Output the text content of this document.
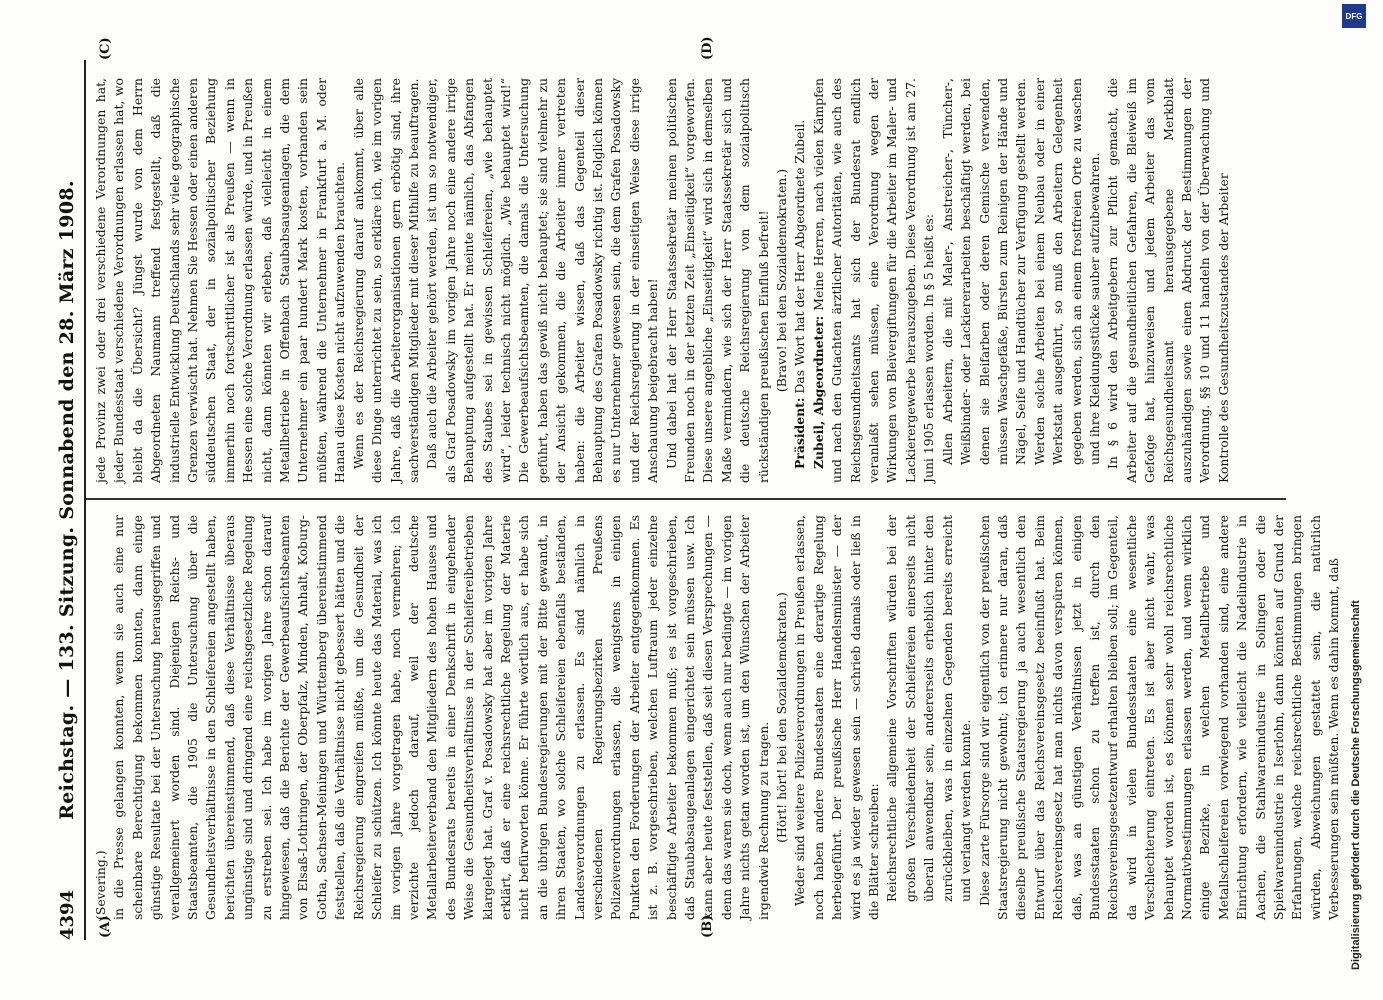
4394
Reichstag. — 133. Sitzung. Sonnabend den 28. März 1908.
(A)	(B)
(C)	(D)

(Severing.) in die Presse gelangen konnten, wenn sie auch eine nur scheinbare Berechtigung bekommen konnten, dann einige günstige Resultate bei der Untersuchung herausgegriffen und verallgemeinert worden sind. Diejenigen Reichs- und Staatsbeamten, die 1905 die Untersuchung über die Gesundheitsverhältnisse in den Schleifereien angestellt haben, berichten übereinstimmend, daß diese Verhältnisse überaus ungünstige sind und dringend eine reichsgesetzliche Regelung zu erstreben sei. Ich habe im vorigen Jahre schon darauf hingewiesen, daß die Berichte der Gewerbeaufsichtsbeamten von Elsaß-Lothringen, der Oberpfalz, Minden, Anhalt, Koburg-Gotha, Sachsen-Meiningen und Württemberg übereinstimmend feststellen, daß die Verhältnisse nicht gebessert hätten und die Reichsregierung eingreifen müßte, um die Gesundheit der Schleifer zu schützen. Ich könnte heute das Material, was ich im vorigen Jahre vorgetragen habe, noch vermehren; ich verzichte jedoch darauf, weil der deutsche Metallarbeiterverband den Mitgliedern des hohen Hauses und des Bundesrats bereits in einer Denkschrift in eingehender Weise die Gesundheitsverhältnisse in der Schleifereibetrieben klargelegt hat. Graf v. Posadowsky hat aber im vorigen Jahre erklärt, daß er eine reichsrechtliche Regelung der Materie nicht befürworten könne. Er führte wörtlich aus, er habe sich an die übrigen Bundesregierungen mit der Bitte gewandt, in ihren Staaten, wo solche Schleifereien ebenfalls beständen, Landesverordnungen zu erlassen. Es sind nämlich in verschiedenen Regierungsbezirken Preußens Polizeiverordnungen erlassen, die wenigstens in einigen Punkten den Forderungen der Arbeiter entgegenkommen. Es ist z. B. vorgeschrieben, welchen Luftraum jeder einzelne beschäftigte Arbeiter bekommen muß; es ist vorgeschrieben, daß Staubabsaugeanlagen eingerichtet sein müssen usw. Ich kann aber heute feststellen, daß seit diesen Versprechungen — denn das waren sie doch, wenn auch nur bedingte — im vorigen Jahre nichts getan worden ist, um den Wünschen der Arbeiter irgendwie Rechnung zu tragen. (Hört! hört! bei den Sozialdemokraten.) Weder sind weitere Polizeiverordnungen in Preußen erlassen, noch haben andere Bundesstaaten eine derartige Regelung herbeigeführt. Der preußische Herr Handelsminister — der wird es ja wieder gewesen sein — schrieb damals oder ließ in die Blätter schreiben: Reichsrechtliche allgemeine Vorschriften würden bei der großen Verschiedenheit der Schleifereien einerseits nicht überall anwendbar sein, andererseits erheblich hinter den zurückbleiben, was in einzelnen Gegenden bereits erreicht und verlangt werden konnte. Diese zarte Fürsorge sind wir eigentlich von der preußischen Staatsregierung nicht gewohnt; ich erinnere nur daran, daß dieselbe preußische Staatsregierung ja auch wesentlich den Entwurf über das Reichsvereinsgesetz beeinflußt hat. Beim Reichsvereinsgesetz hat man nichts davon verspüren können, daß, was an günstigen Verhältnissen jetzt in einigen Bundesstaaten schon zu treffen ist, durch den Reichsvereinsgesetzentwurf erhalten bleiben soll; im Gegenteil, da wird in vielen Bundesstaaten eine wesentliche Verschlechterung eintreten. Es ist aber nicht wahr, was behauptet worden ist, es können sehr wohl reichsrechtliche Normativbestimmungen erlassen werden, und wenn wirklich einige Bezirke, in welchen Metallbetriebe und Metallschleifereien vorwiegend vorhanden sind, eine andere Einrichtung erfordern, wie vielleicht die Nadelindustrie in Aachen, die Stahlwarenindustrie in Solingen oder die Spielwarenindustrie in Iserlohn, dann könnten auf Grund der Erfahrungen, welche reichsrechtliche Bestimmungen bringen würden, Abweichungen gestattet sein, die natürlich Verbesserungen sein müßten. Wenn es dahin kommt, daß

jede Provinz zwei oder drei verschiedene Verordnungen hat, jeder Bundesstaat verschiedene Verordnungen erlassen hat, wo bleibt da die Übersicht? Jüngst wurde von dem Herrn Abgeordneten Naumann treffend festgestellt, daß die industrielle Entwicklung Deutschlands sehr viele geographische Grenzen verwischt hat. Nehmen Sie Hessen oder einen anderen süddeutschen Staat, der in sozialpolitischer Beziehung immerhin noch fortschrittlicher ist als Preußen — wenn in Hessen eine solche Verordnung erlassen würde, und in Preußen nicht, dann könnten wir erleben, daß vielleicht in einem Metallbetriebe in Offenbach Staubabsaugeanlagen, die dem Unternehmer ein paar hundert Mark kosten, vorhanden sein müßten, während die Unternehmer in Frankfurt a. M. oder Hanau diese Kosten nicht aufzuwenden brauchten. Wenn es der Reichsregierung darauf ankommt, über alle diese Dinge unterrichtet zu sein, so erkläre ich, wie im vorigen Jahre, daß die Arbeiterorganisationen gern erbötig sind, ihre sachverständigen Mitglieder mit dieser Mithilfe zu beauftragen. Daß auch die Arbeiter gehört werden, ist um so notwendiger, als Graf Posadowsky im vorigen Jahre noch eine andere irrige Behauptung aufgestellt hat. Er meinte nämlich, das Abfangen des Staubes sei in gewissen Schleifereien, „wie behauptet wird“, leider technisch nicht möglich. „Wie behauptet wird!“ Die Gewerbeaufsichtsbeamten, die damals die Untersuchung geführt, haben das gewiß nicht behauptet; sie sind vielmehr zu der Ansicht gekommen, die die Arbeiter immer vertreten haben: die Arbeiter wissen, daß das Gegenteil dieser Behauptung des Grafen Posadowsky richtig ist. Folglich können es nur Unternehmer gewesen sein, die dem Grafen Posadowsky und der Reichsregierung in der einseitigen Weise diese irrige Anschauung beigebracht haben! Und dabei hat der Herr Staatssekretär meinen politischen Freunden noch in der letzten Zeit „Einseitigkeit“ vorgeworfen. Diese unsere angebliche „Einseitigkeit“ wird sich in demselben Maße vermindern, wie sich der Herr Staatssekretär sich und die deutsche Reichsregierung von dem sozialpolitisch rückständigen preußischen Einfluß befreit! (Bravo! bei den Sozialdemokraten.)

Präsident: Das Wort hat der Herr Abgeordnete Zubeil.

Zubeil, Abgeordneter: Meine Herren, nach vielen Kämpfen und nach den Gutachten ärztlicher Autoritäten, wie auch des Reichsgesundheitsamts hat sich der Bundesrat endlich veranlaßt sehen müssen, eine Verordnung wegen der Wirkungen von Bleivergiftungen für die Arbeiter im Maler- und Lackierergewerbe herauszugeben. Diese Verordnung ist am 27. Juni 1905 erlassen worden. In § 5 heißt es: Allen Arbeitern, die mit Maler-, Anstreicher-, Tüncher-, Weißbinder- oder Lackiererarbeiten beschäftigt werden, bei denen sie Bleifarben oder deren Gemische verwenden, müssen Waschgefäße, Bürsten zum Reinigen der Hände und Nägel, Seife und Handtücher zur Verfügung gestellt werden. Werden solche Arbeiten bei einem Neubau oder in einer Werkstatt ausgeführt, so muß den Arbeitern Gelegenheit gegeben werden, sich an einem frostfreien Orte zu waschen und ihre Kleidungsstücke sauber aufzubewahren. In § 6 wird den Arbeitgebern zur Pflicht gemacht, die Arbeiter auf die gesundheitlichen Gefahren, die Bleiweiß im Gefolge hat, hinzuweisen und jedem Arbeiter das vom Reichsgesundheitsamt herausgegebene Merkblatt auszuhändigen sowie einen Abdruck der Bestimmungen der Verordnung. §§ 10 und 11 handeln von der Überwachung und Kontrolle des Gesundheitszustandes der Arbeiter

DFG
Digitalisierung gefördert durch die Deutsche Forschungsgemeinschaft
